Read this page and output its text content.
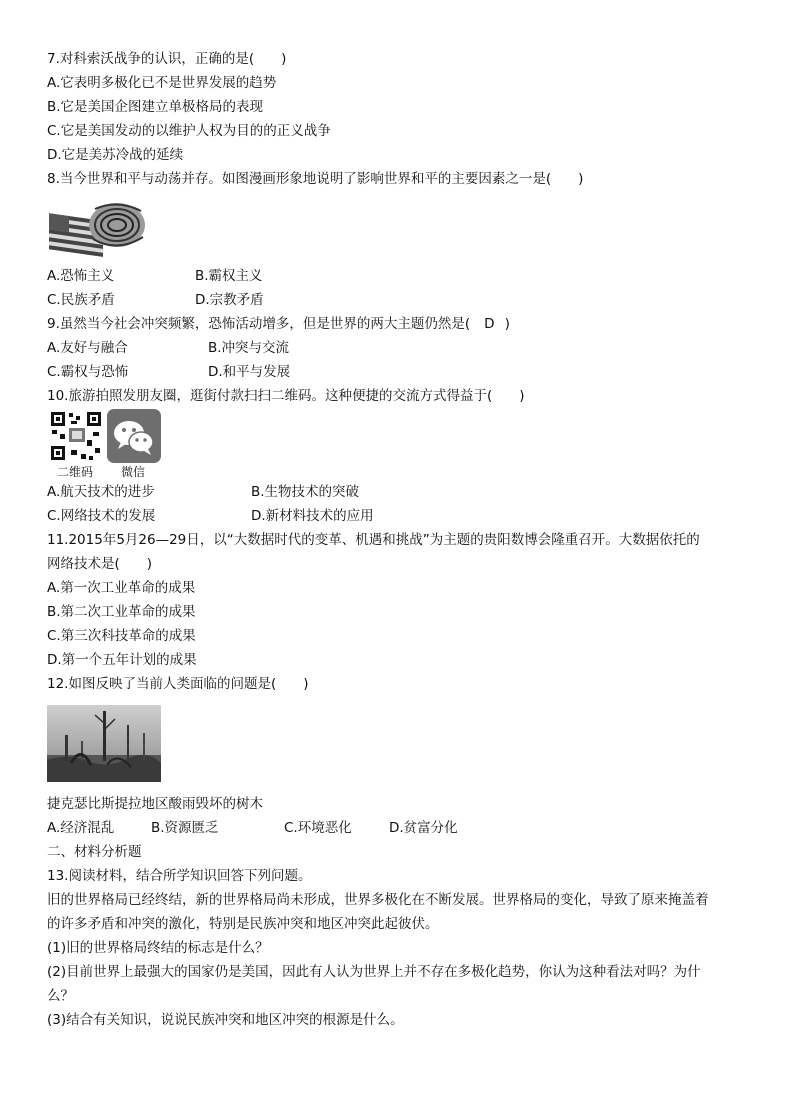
7.对科索沃战争的认识，正确的是(　　)
A.它表明多极化已不是世界发展的趋势
B.它是美国企图建立单极格局的表现
C.它是美国发动的以维护人权为目的的正义战争
D.它是美苏冷战的延续
8.当今世界和平与动荡并存。如图漫画形象地说明了影响世界和平的主要因素之一是(　　)
A.恐怖主义	B.霸权主义
C.民族矛盾	D.宗教矛盾
9.虽然当今社会冲突频繁，恐怖活动增多，但是世界的两大主题仍然是( D )
A.友好与融合	B.冲突与交流
C.霸权与恐怖	D.和平与发展
10.旅游拍照发朋友圈，逛街付款扫扫二维码。这种便捷的交流方式得益于(　　)
二维码 微信
A.航天技术的进步	B.生物技术的突破
C.网络技术的发展	D.新材料技术的应用
11.2015年5月26—29日，以“大数据时代的变革、机遇和挑战”为主题的贵阳数博会隆重召开。大数据依托的
网络技术是(　　)
A.第一次工业革命的成果
B.第二次工业革命的成果
C.第三次科技革命的成果
D.第一个五年计划的成果
12.如图反映了当前人类面临的问题是(　　)
捷克瑟比斯提拉地区酸雨毁坏的树木
A.经济混乱	B.资源匮乏	C.环境恶化	D.贫富分化
二、材料分析题
13.阅读材料，结合所学知识回答下列问题。
旧的世界格局已经终结，新的世界格局尚未形成，世界多极化在不断发展。世界格局的变化，导致了原来掩盖着
的许多矛盾和冲突的激化，特别是民族冲突和地区冲突此起彼伏。
(1)旧的世界格局终结的标志是什么？
(2)目前世界上最强大的国家仍是美国，因此有人认为世界上并不存在多极化趋势，你认为这种看法对吗？为什
么？
(3)结合有关知识，说说民族冲突和地区冲突的根源是什么。
